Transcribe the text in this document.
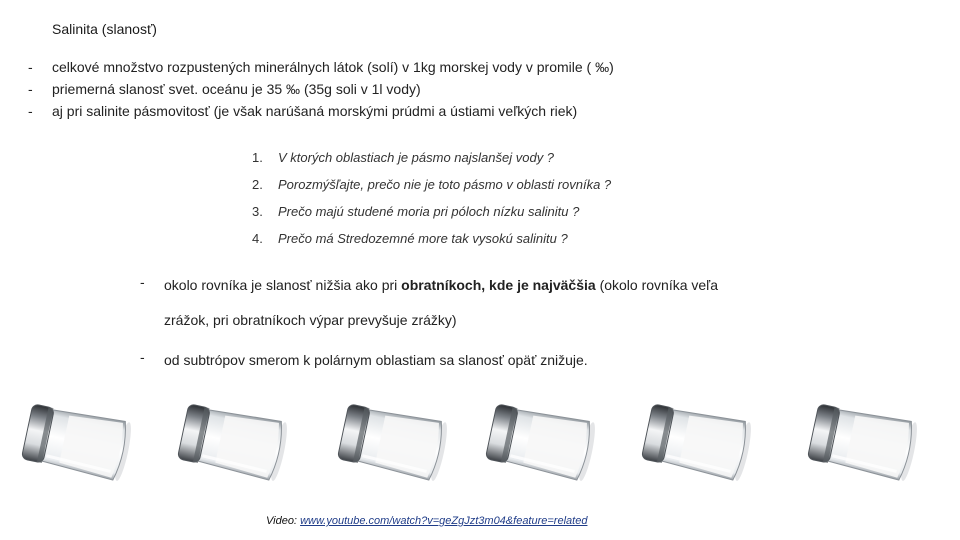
Salinita (slanosť)
-	celkové množstvo rozpustených minerálnych látok (solí) v 1kg morskej vody v promile ( ‰)
-	priemerná slanosť svet. oceánu je 35 ‰ (35g soli v 1l vody)
-	aj pri salinite pásmovitosť (je však narúšaná morskými prúdmi a ústiami veľkých riek)
1.	V ktorých oblastiach je pásmo najslanšej vody ?
2.	Porozmýšľajte, prečo nie je toto pásmo v oblasti rovníka ?
3.	Prečo majú studené moria pri póloch nízku salinitu ?
4.	Prečo má Stredozemné more tak vysokú salinitu ?
-	okolo rovníka je slanosť nižšia ako pri obratníkoch, kde je najväčšia (okolo rovníka veľa
zrážok, pri obratníkoch výpar prevyšuje zrážky)
-	od subtrópov smerom k polárnym oblastiam sa slanosť opäť znižuje.
Video: www.youtube.com/watch?v=geZgJzt3m04&feature=related
